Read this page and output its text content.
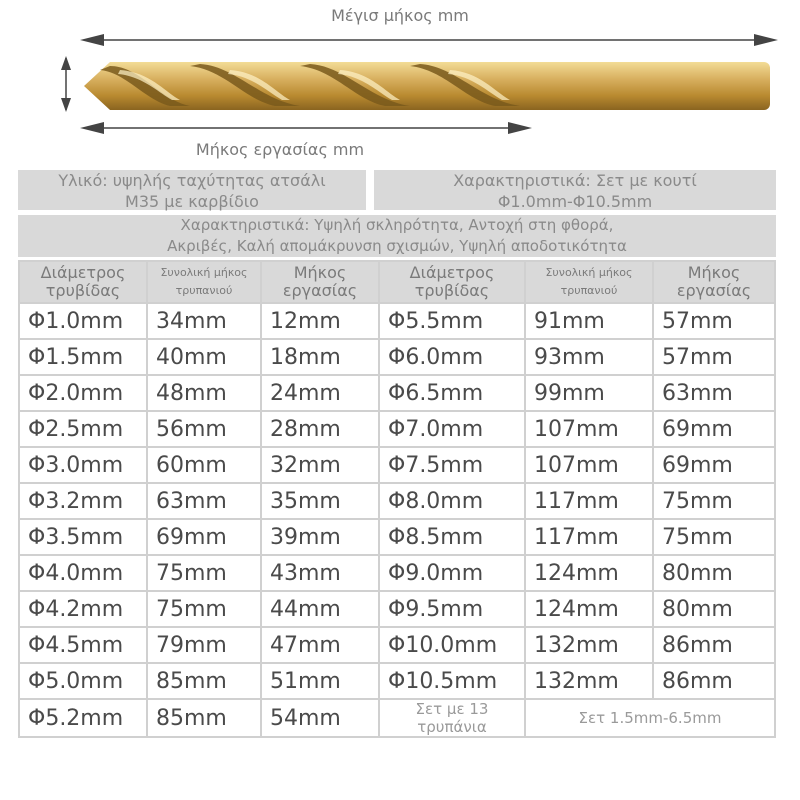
Μέγισ μήκος mm
Μήκος εργασίας mm
Υλικό: υψηλής ταχύτητας ατσάλι
M35 με καρβίδιο
Χαρακτηριστικά: Σετ με κουτί
Φ1.0mm-Φ10.5mm
Χαρακτηριστικά: Υψηλή σκληρότητα, Αντοχή στη φθορά,
Ακριβές, Καλή απομάκρυνση σχισμών, Υψηλή αποδοτικότητα
Διάμετρος τρυβίδας	Συνολική μήκος τρυπανιού	Μήκος εργασίας	Διάμετρος τρυβίδας	Συνολική μήκος τρυπανιού	Μήκος εργασίας
Φ1.0mm	34mm	12mm	Φ5.5mm	91mm	57mm
Φ1.5mm	40mm	18mm	Φ6.0mm	93mm	57mm
Φ2.0mm	48mm	24mm	Φ6.5mm	99mm	63mm
Φ2.5mm	56mm	28mm	Φ7.0mm	107mm	69mm
Φ3.0mm	60mm	32mm	Φ7.5mm	107mm	69mm
Φ3.2mm	63mm	35mm	Φ8.0mm	117mm	75mm
Φ3.5mm	69mm	39mm	Φ8.5mm	117mm	75mm
Φ4.0mm	75mm	43mm	Φ9.0mm	124mm	80mm
Φ4.2mm	75mm	44mm	Φ9.5mm	124mm	80mm
Φ4.5mm	79mm	47mm	Φ10.0mm	132mm	86mm
Φ5.0mm	85mm	51mm	Φ10.5mm	132mm	86mm
Φ5.2mm	85mm	54mm	Σετ με 13 τρυπάνια	Σετ 1.5mm-6.5mm	
